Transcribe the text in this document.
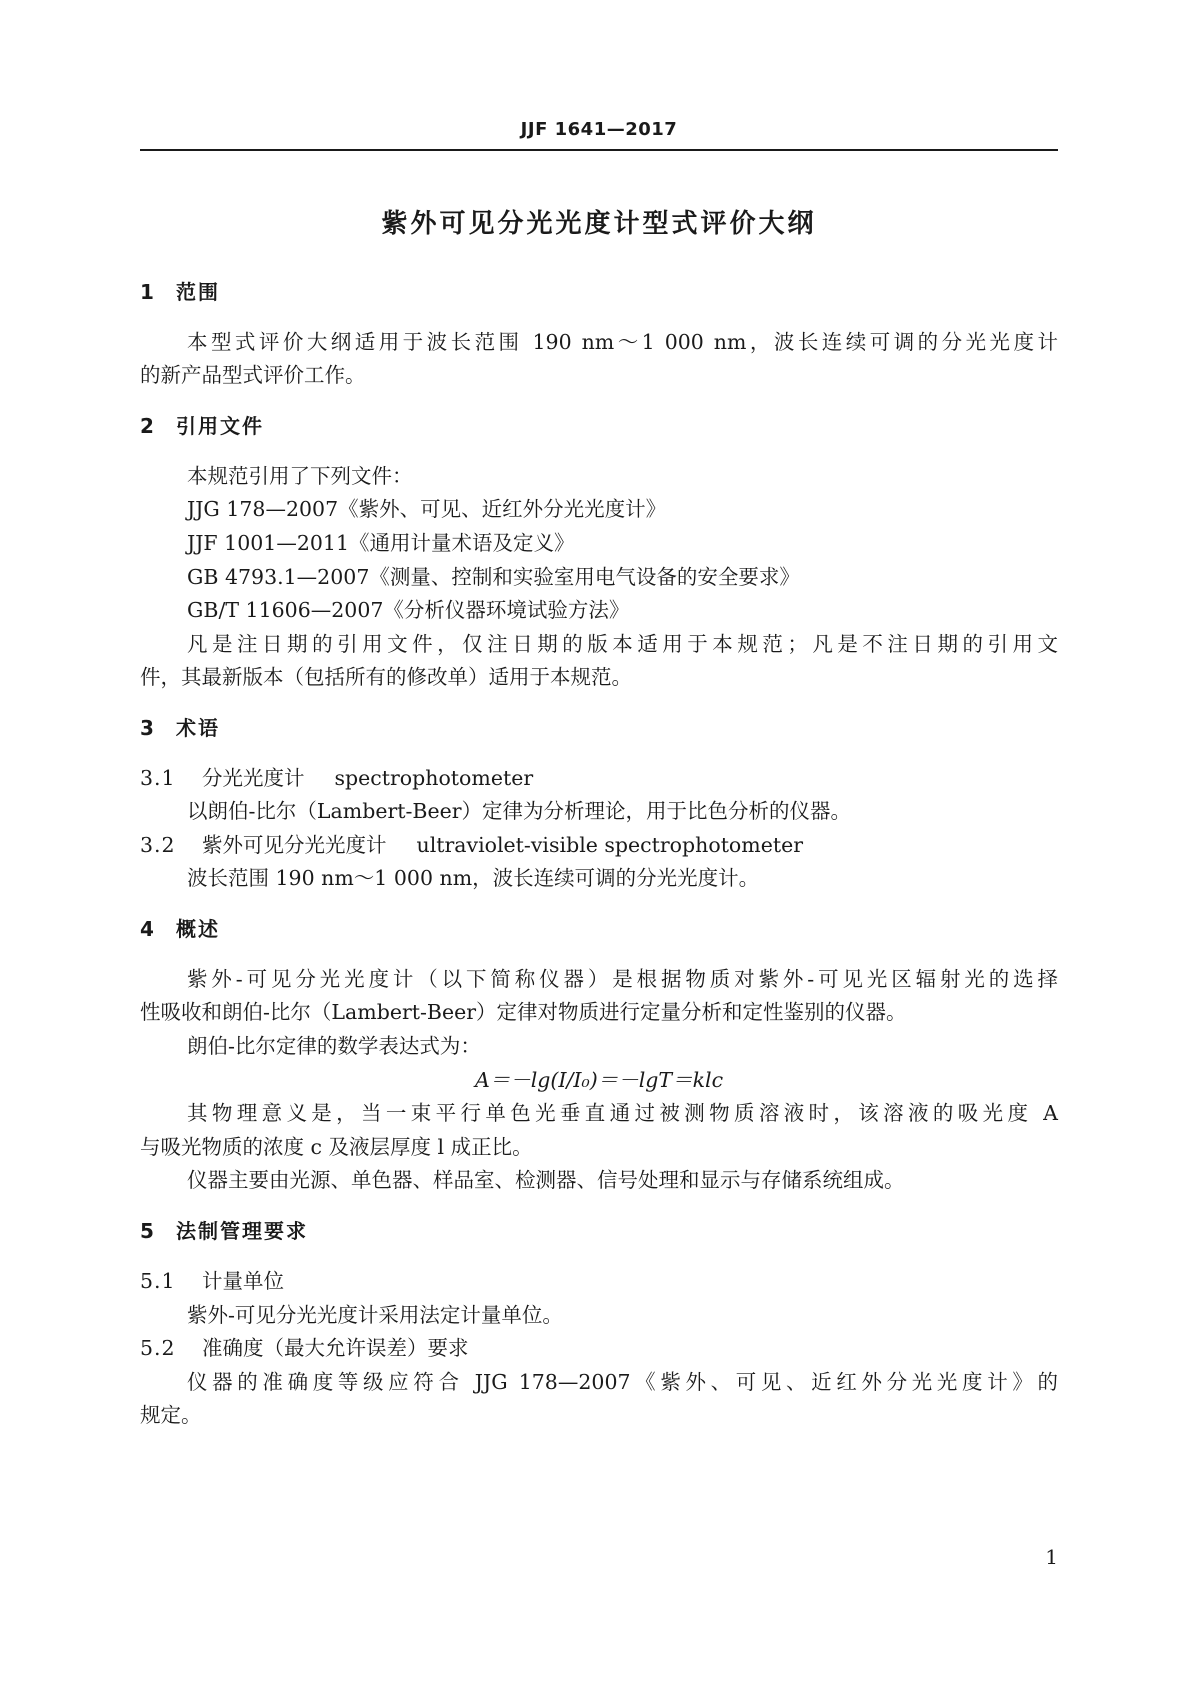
JJF 1641—2017
紫外可见分光光度计型式评价大纲
1 范围
本型式评价大纲适用于波长范围 190 nm～1 000 nm，波长连续可调的分光光度计
的新产品型式评价工作。
2 引用文件
本规范引用了下列文件：
JJG 178—2007《紫外、可见、近红外分光光度计》
JJF 1001—2011《通用计量术语及定义》
GB 4793.1—2007《测量、控制和实验室用电气设备的安全要求》
GB/T 11606—2007《分析仪器环境试验方法》
凡是注日期的引用文件，仅注日期的版本适用于本规范；凡是不注日期的引用文
件，其最新版本（包括所有的修改单）适用于本规范。
3 术语
3.1 分光光度计 spectrophotometer
以朗伯-比尔（Lambert-Beer）定律为分析理论，用于比色分析的仪器。
3.2 紫外可见分光光度计 ultraviolet-visible spectrophotometer
波长范围 190 nm～1 000 nm，波长连续可调的分光光度计。
4 概述
紫外-可见分光光度计（以下简称仪器）是根据物质对紫外-可见光区辐射光的选择
性吸收和朗伯-比尔（Lambert-Beer）定律对物质进行定量分析和定性鉴别的仪器。
朗伯-比尔定律的数学表达式为：
A＝－lg(I/I₀)＝－lgT＝klc
其物理意义是，当一束平行单色光垂直通过被测物质溶液时，该溶液的吸光度 A
与吸光物质的浓度 c 及液层厚度 l 成正比。
仪器主要由光源、单色器、样品室、检测器、信号处理和显示与存储系统组成。
5 法制管理要求
5.1 计量单位
紫外-可见分光光度计采用法定计量单位。
5.2 准确度（最大允许误差）要求
仪器的准确度等级应符合 JJG 178—2007《紫外、可见、近红外分光光度计》的
规定。
1
